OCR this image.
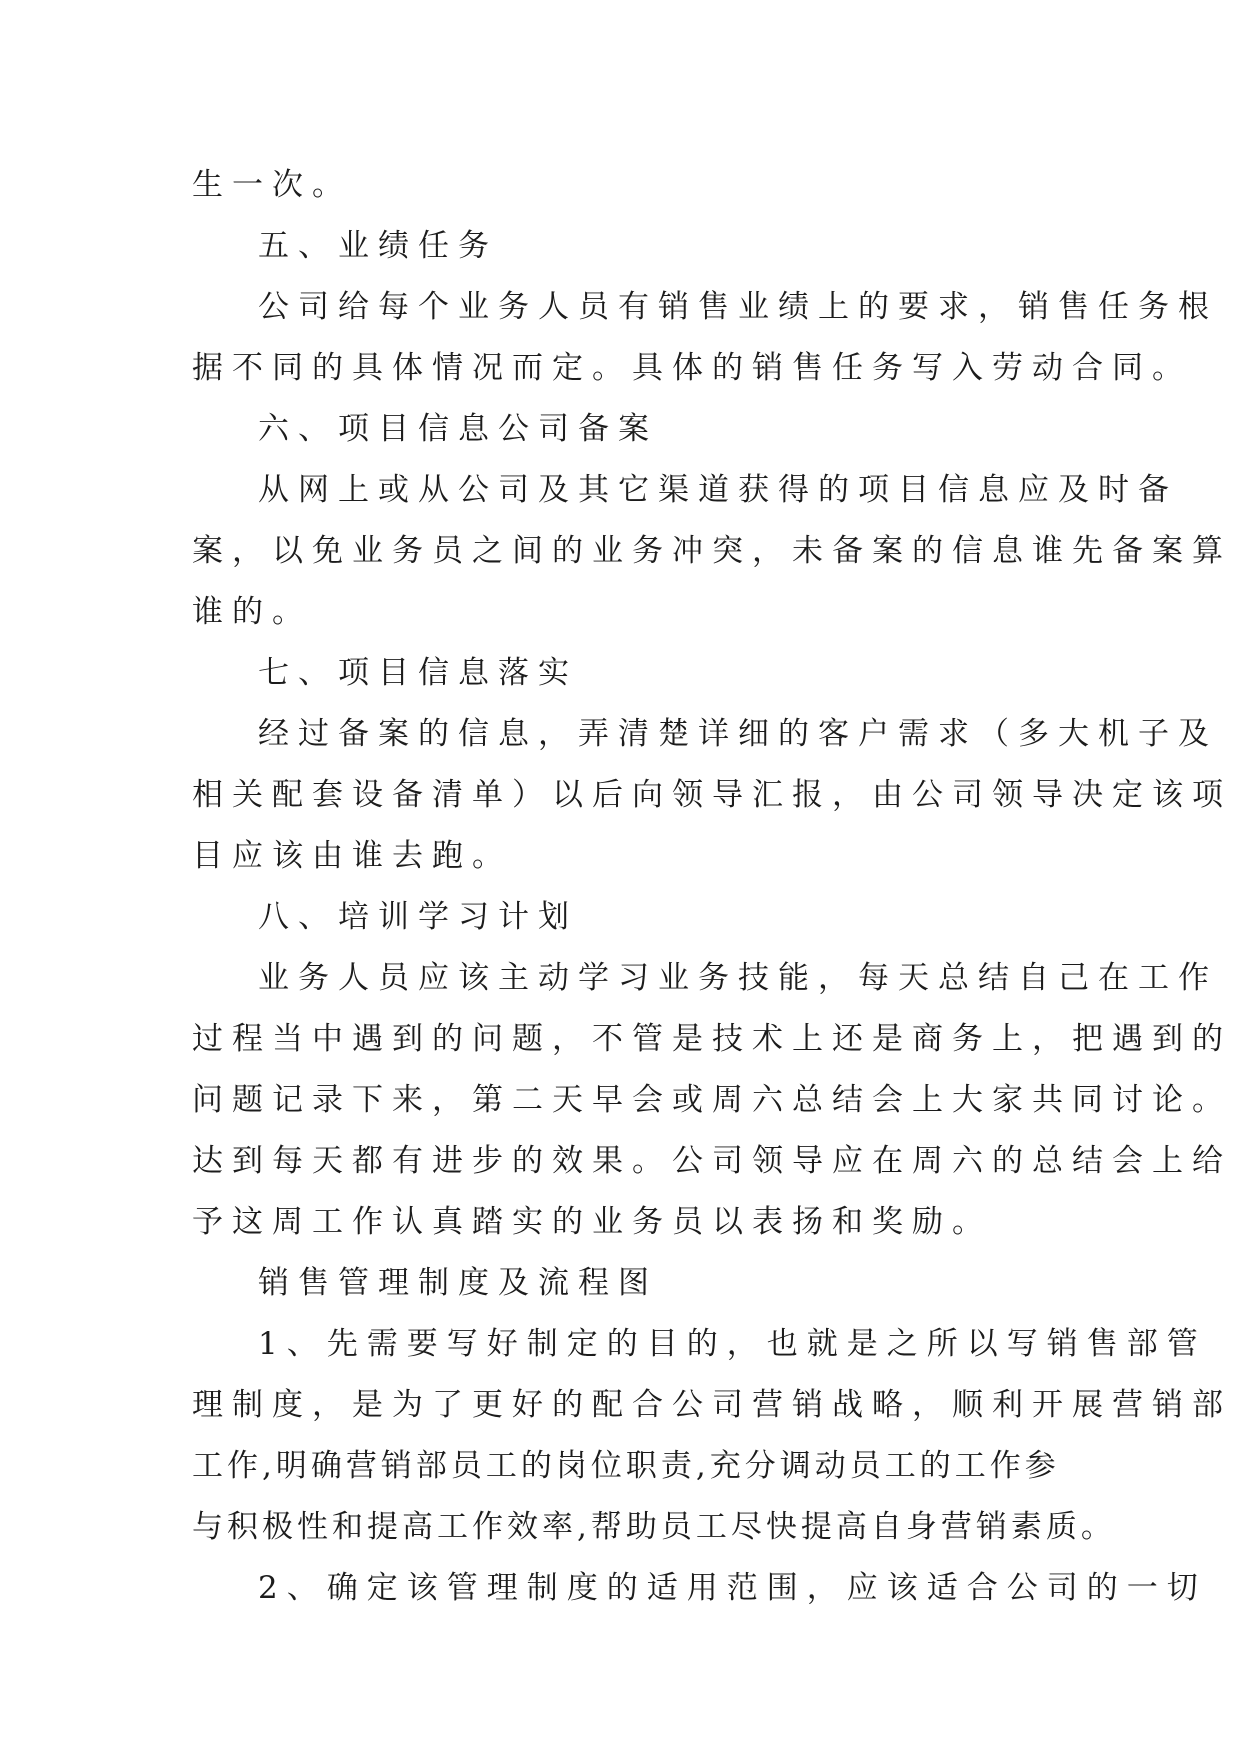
生一次。
五、业绩任务
公司给每个业务人员有销售业绩上的要求，销售任务根
据不同的具体情况而定。具体的销售任务写入劳动合同。
六、项目信息公司备案
从网上或从公司及其它渠道获得的项目信息应及时备
案，以免业务员之间的业务冲突，未备案的信息谁先备案算
谁的。
七、项目信息落实
经过备案的信息，弄清楚详细的客户需求（多大机子及
相关配套设备清单）以后向领导汇报，由公司领导决定该项
目应该由谁去跑。
八、培训学习计划
业务人员应该主动学习业务技能，每天总结自己在工作
过程当中遇到的问题，不管是技术上还是商务上，把遇到的
问题记录下来，第二天早会或周六总结会上大家共同讨论。
达到每天都有进步的效果。公司领导应在周六的总结会上给
予这周工作认真踏实的业务员以表扬和奖励。
销售管理制度及流程图
1、先需要写好制定的目的，也就是之所以写销售部管
理制度，是为了更好的配合公司营销战略，顺利开展营销部
工作,明确营销部员工的岗位职责,充分调动员工的工作参
与积极性和提高工作效率,帮助员工尽快提高自身营销素质。
2、确定该管理制度的适用范围，应该适合公司的一切
